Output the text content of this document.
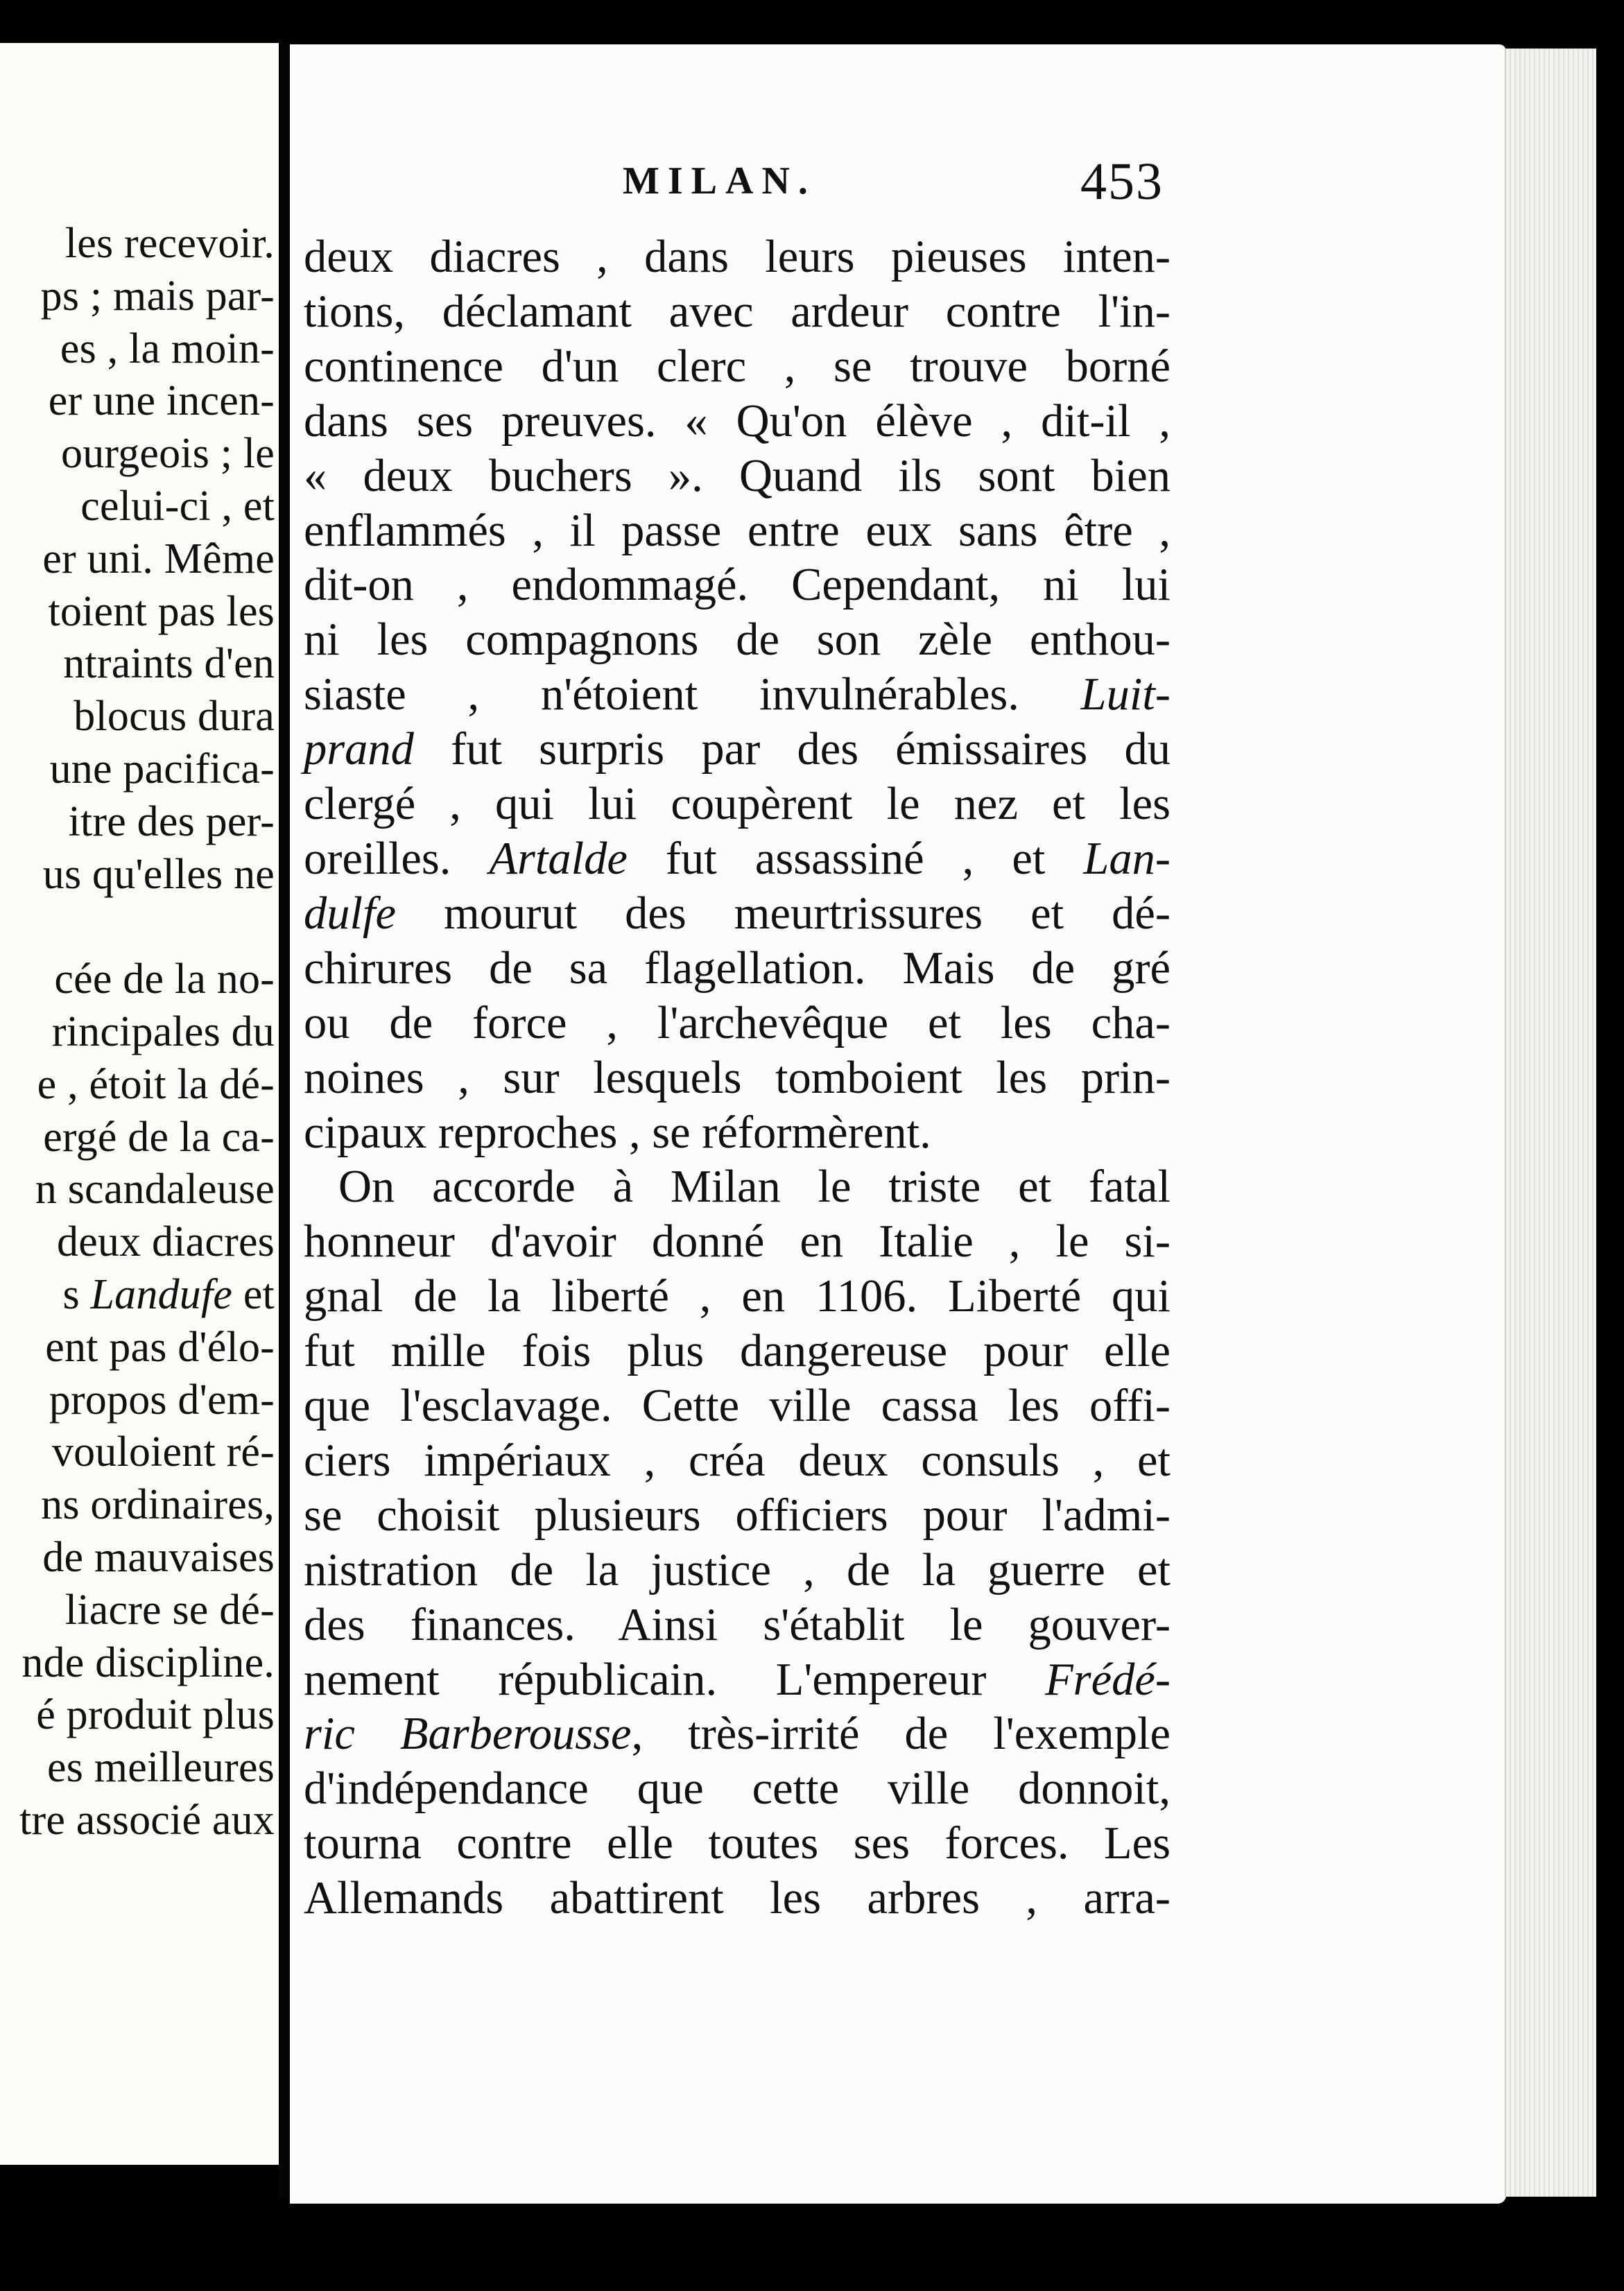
les recevoir.
ps ; mais par-
es , la moin-
er une incen-
ourgeois ; le
celui-ci , et
er uni. Même
toient pas les
ntraints d'en
blocus dura
une pacifica-
itre des per-
us qu'elles ne

cée de la no-
rincipales du
e , étoit la dé-
ergé de la ca-
n scandaleuse
deux diacres
s Landufe et
ent pas d'élo-
propos d'em-
vouloient ré-
ns ordinaires,
de mauvaises
liacre se dé-
nde discipline.
é produit plus
es meilleures
tre associé aux
MILAN.	453
deux diacres , dans leurs pieuses inten-
tions, déclamant avec ardeur contre l'in-
continence d'un clerc , se trouve borné
dans ses preuves. « Qu'on élève , dit-il ,
« deux buchers ». Quand ils sont bien
enflammés , il passe entre eux sans être ,
dit-on , endommagé. Cependant, ni lui
ni les compagnons de son zèle enthou-
siaste , n'étoient invulnérables. Luit-
prand fut surpris par des émissaires du
clergé , qui lui coupèrent le nez et les
oreilles. Artalde fut assassiné , et Lan-
dulfe mourut des meurtrissures et dé-
chirures de sa flagellation. Mais de gré
ou de force , l'archevêque et les cha-
noines , sur lesquels tomboient les prin-
cipaux reproches , se réformèrent.
On accorde à Milan le triste et fatal
honneur d'avoir donné en Italie , le si-
gnal de la liberté , en 1106. Liberté qui
fut mille fois plus dangereuse pour elle
que l'esclavage. Cette ville cassa les offi-
ciers impériaux , créa deux consuls , et
se choisit plusieurs officiers pour l'admi-
nistration de la justice , de la guerre et
des finances. Ainsi s'établit le gouver-
nement républicain. L'empereur Frédé-
ric Barberousse, très-irrité de l'exemple
d'indépendance que cette ville donnoit,
tourna contre elle toutes ses forces. Les
Allemands abattirent les arbres , arra-
